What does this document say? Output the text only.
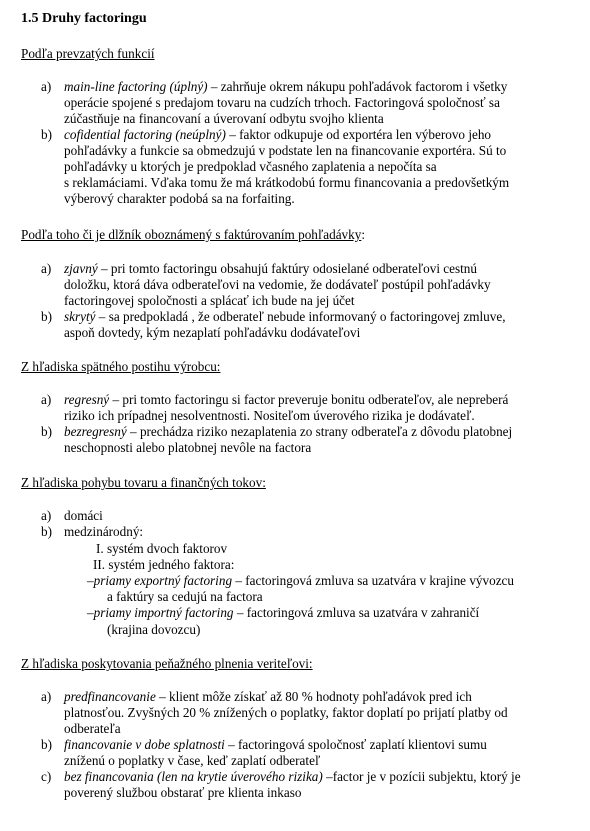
1.5 Druhy factoringu
Podľa prevzatých funkcií
a) main-line factoring (úplný) – zahrňuje okrem nákupu pohľadávok factorom i všetky
operácie spojené s predajom tovaru na cudzích trhoch. Factoringová spoločnosť sa
zúčastňuje na financovaní a úverovaní odbytu svojho klienta
b) cofidential factoring (neúplný) – faktor odkupuje od exportéra len výberovo jeho
pohľadávky a funkcie sa obmedzujú v podstate len na financovanie exportéra. Sú to
pohľadávky u ktorých je predpoklad včasného zaplatenia a nepočíta sa
s reklamáciami. Vďaka tomu že má krátkodobú formu financovania a predovšetkým
výberový charakter podobá sa na forfaiting.
Podľa toho či je dlžník oboznámený s faktúrovaním pohľadávky:
a) zjavný – pri tomto factoringu obsahujú faktúry odosielané odberateľovi cestnú
doložku, ktorá dáva odberateľovi na vedomie, že dodávateľ postúpil pohľadávky
factoringovej spoločnosti a splácať ich bude na jej účet
b) skrytý – sa predpokladá , že odberateľ nebude informovaný o factoringovej zmluve,
aspoň dovtedy, kým nezaplatí pohľadávku dodávateľovi
Z hľadiska spätného postihu výrobcu:
a) regresný – pri tomto factoringu si factor preveruje bonitu odberateľov, ale nepreberá
riziko ich prípadnej nesolventnosti. Nositeľom úverového rizika je dodávateľ.
b) bezregresný – prechádza riziko nezaplatenia zo strany odberateľa z dôvodu platobnej
neschopnosti alebo platobnej nevôle na factora
Z hľadiska pohybu tovaru a finančných tokov:
a) domáci
b) medzinárodný:
I. systém dvoch faktorov
II. systém jedného faktora:
–priamy exportný factoring – factoringová zmluva sa uzatvára v krajine vývozcu
a faktúry sa cedujú na factora
–priamy importný factoring – factoringová zmluva sa uzatvára v zahraničí
(krajina dovozcu)
Z hľadiska poskytovania peňažného plnenia veriteľovi:
a) predfinancovanie – klient môže získať až 80 % hodnoty pohľadávok pred ich
platnosťou. Zvyšných 20 % znížených o poplatky, faktor doplatí po prijatí platby od
odberateľa
b) financovanie v dobe splatnosti – factoringová spoločnosť zaplatí klientovi sumu
zníženú o poplatky v čase, keď zaplatí odberateľ
c) bez financovania (len na krytie úverového rizika) –factor je v pozícii subjektu, ktorý je
poverený službou obstarať pre klienta inkaso
